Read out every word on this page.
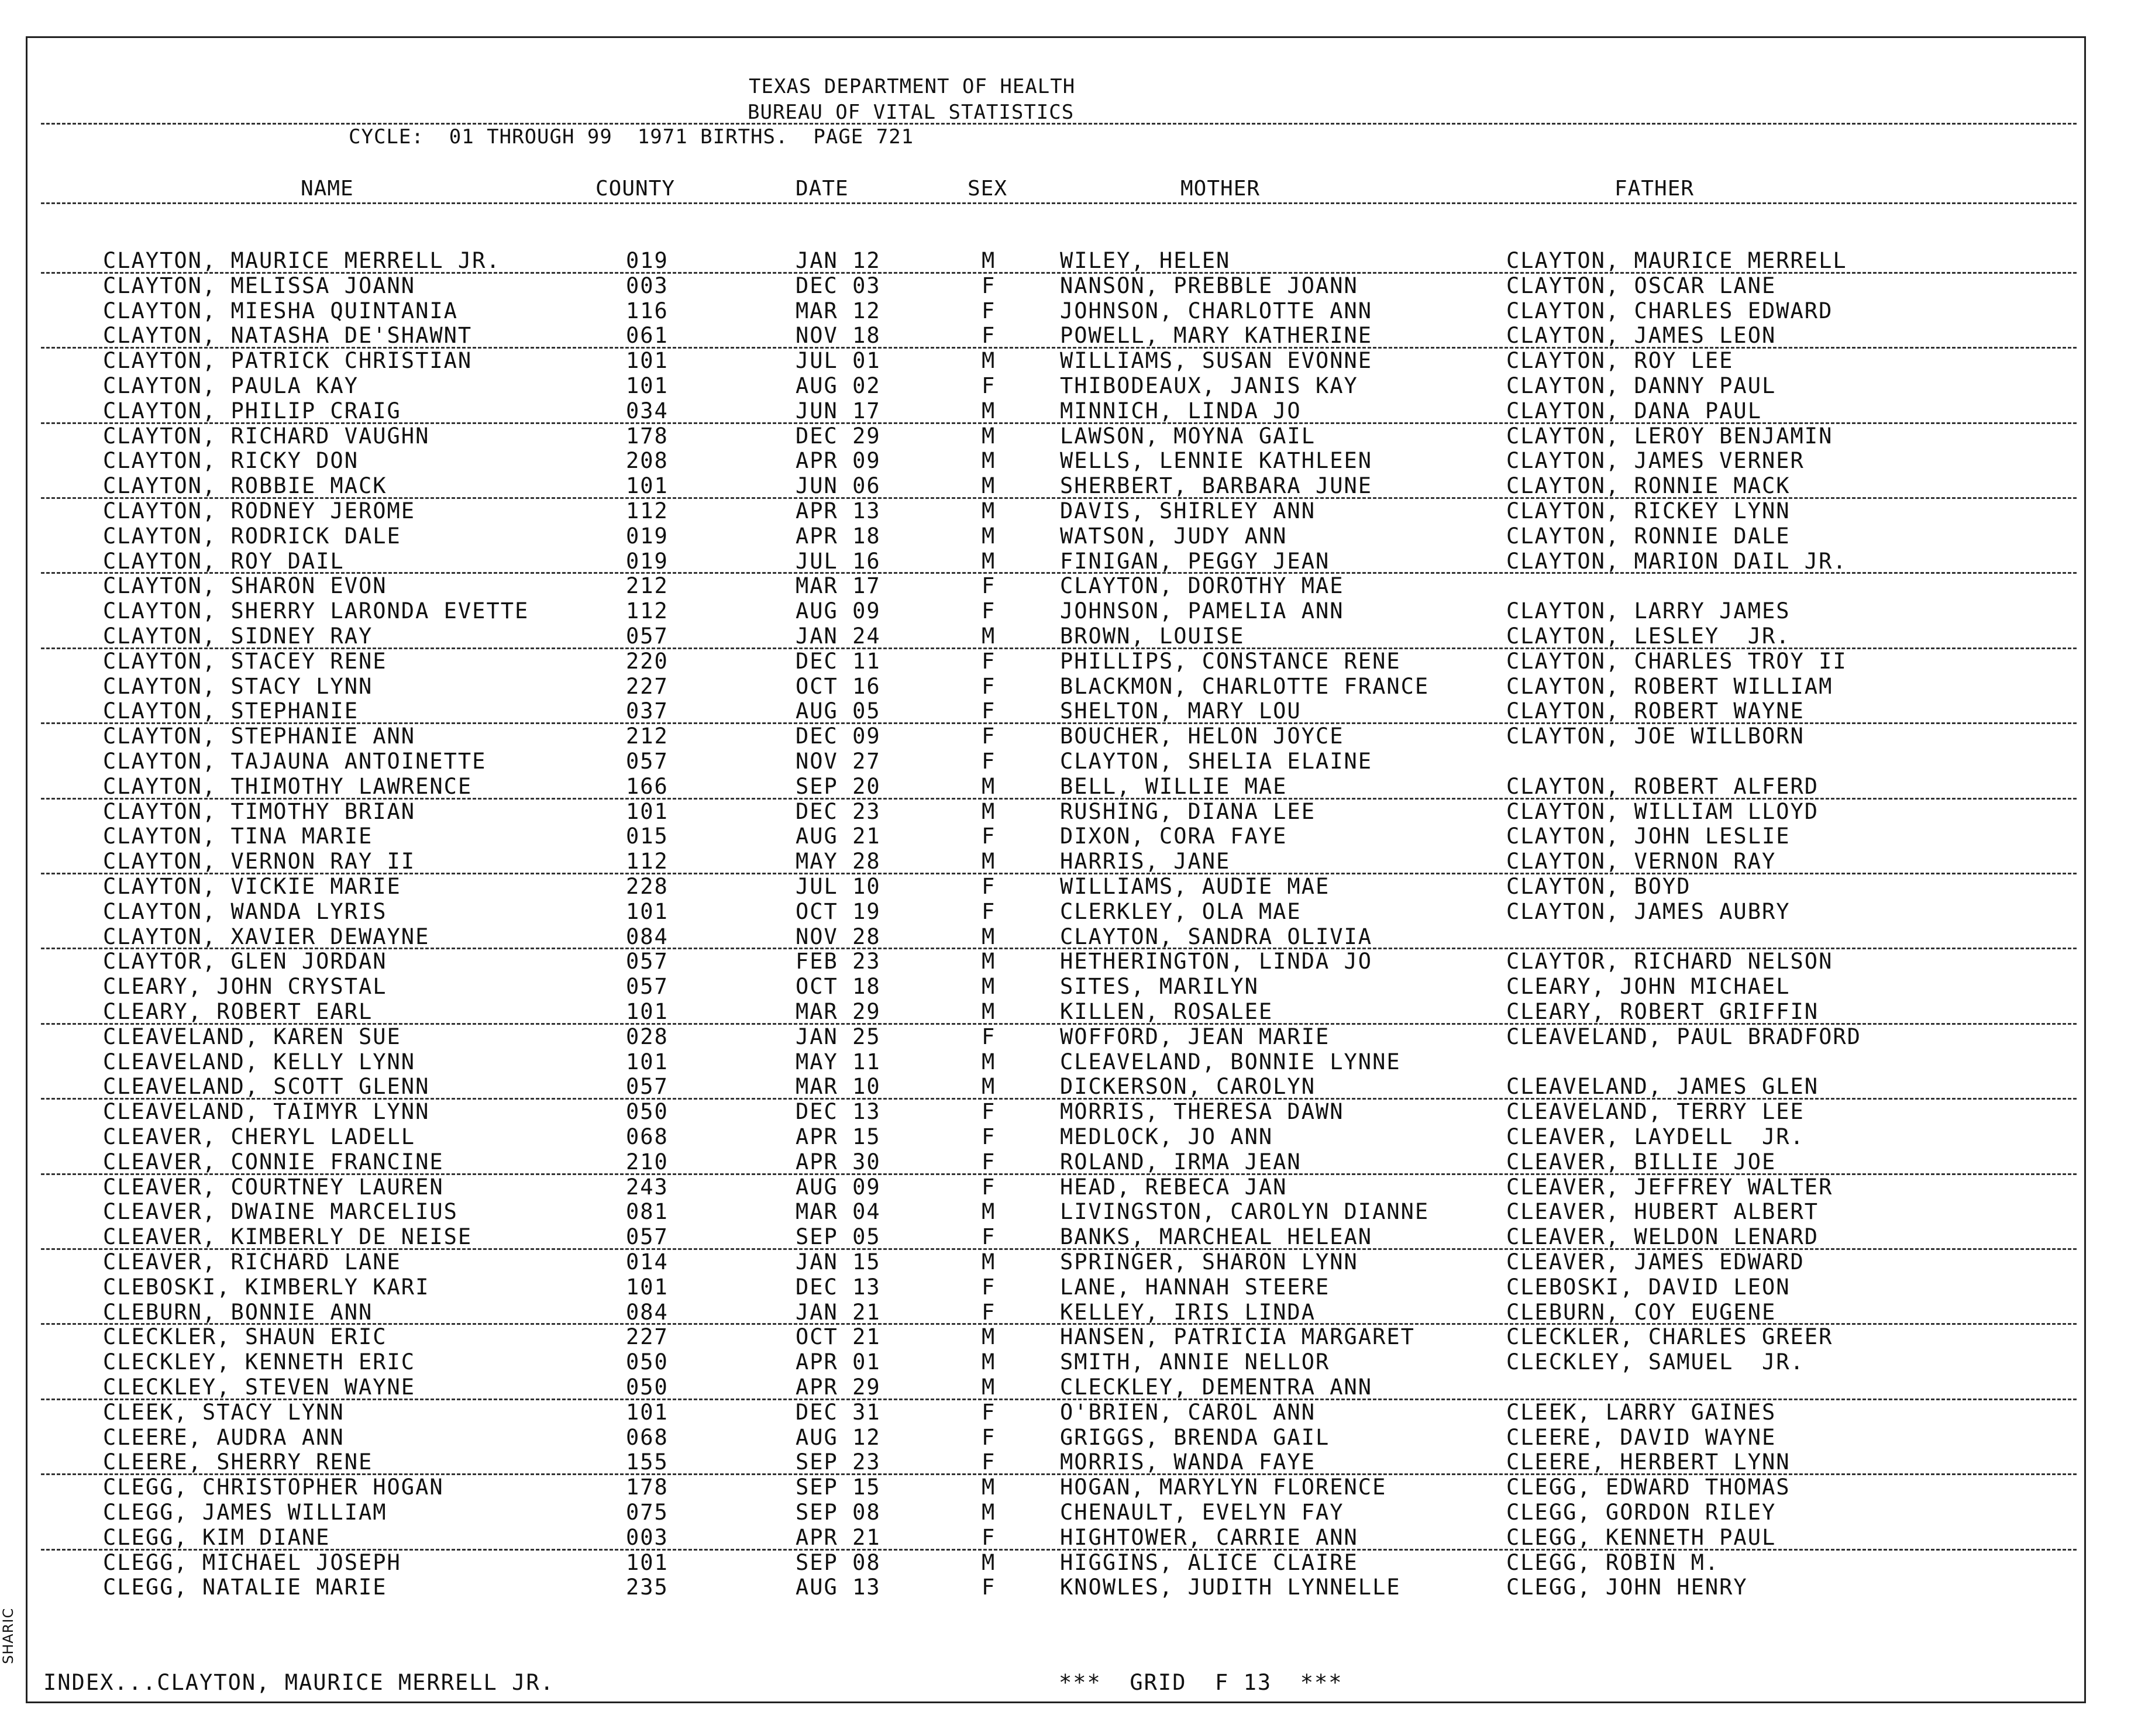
TEXAS DEPARTMENT OF HEALTH
BUREAU OF VITAL STATISTICS
CYCLE:  01 THROUGH 99  1971 BIRTHS.  PAGE 721
NAME	COUNTY	DATE	SEX	MOTHER	FATHER
CLAYTON, MAURICE MERRELL JR.	019	JAN 12	M	WILEY, HELEN	CLAYTON, MAURICE MERRELL
CLAYTON, MELISSA JOANN	003	DEC 03	F	NANSON, PREBBLE JOANN	CLAYTON, OSCAR LANE
CLAYTON, MIESHA QUINTANIA	116	MAR 12	F	JOHNSON, CHARLOTTE ANN	CLAYTON, CHARLES EDWARD
CLAYTON, NATASHA DE'SHAWNT	061	NOV 18	F	POWELL, MARY KATHERINE	CLAYTON, JAMES LEON
CLAYTON, PATRICK CHRISTIAN	101	JUL 01	M	WILLIAMS, SUSAN EVONNE	CLAYTON, ROY LEE
CLAYTON, PAULA KAY	101	AUG 02	F	THIBODEAUX, JANIS KAY	CLAYTON, DANNY PAUL
CLAYTON, PHILIP CRAIG	034	JUN 17	M	MINNICH, LINDA JO	CLAYTON, DANA PAUL
CLAYTON, RICHARD VAUGHN	178	DEC 29	M	LAWSON, MOYNA GAIL	CLAYTON, LEROY BENJAMIN
CLAYTON, RICKY DON	208	APR 09	M	WELLS, LENNIE KATHLEEN	CLAYTON, JAMES VERNER
CLAYTON, ROBBIE MACK	101	JUN 06	M	SHERBERT, BARBARA JUNE	CLAYTON, RONNIE MACK
CLAYTON, RODNEY JEROME	112	APR 13	M	DAVIS, SHIRLEY ANN	CLAYTON, RICKEY LYNN
CLAYTON, RODRICK DALE	019	APR 18	M	WATSON, JUDY ANN	CLAYTON, RONNIE DALE
CLAYTON, ROY DAIL	019	JUL 16	M	FINIGAN, PEGGY JEAN	CLAYTON, MARION DAIL JR.
CLAYTON, SHARON EVON	212	MAR 17	F	CLAYTON, DOROTHY MAE
CLAYTON, SHERRY LARONDA EVETTE	112	AUG 09	F	JOHNSON, PAMELIA ANN	CLAYTON, LARRY JAMES
CLAYTON, SIDNEY RAY	057	JAN 24	M	BROWN, LOUISE	CLAYTON, LESLEY  JR.
CLAYTON, STACEY RENE	220	DEC 11	F	PHILLIPS, CONSTANCE RENE	CLAYTON, CHARLES TROY II
CLAYTON, STACY LYNN	227	OCT 16	F	BLACKMON, CHARLOTTE FRANCE	CLAYTON, ROBERT WILLIAM
CLAYTON, STEPHANIE	037	AUG 05	F	SHELTON, MARY LOU	CLAYTON, ROBERT WAYNE
CLAYTON, STEPHANIE ANN	212	DEC 09	F	BOUCHER, HELON JOYCE	CLAYTON, JOE WILLBORN
CLAYTON, TAJAUNA ANTOINETTE	057	NOV 27	F	CLAYTON, SHELIA ELAINE
CLAYTON, THIMOTHY LAWRENCE	166	SEP 20	M	BELL, WILLIE MAE	CLAYTON, ROBERT ALFERD
CLAYTON, TIMOTHY BRIAN	101	DEC 23	M	RUSHING, DIANA LEE	CLAYTON, WILLIAM LLOYD
CLAYTON, TINA MARIE	015	AUG 21	F	DIXON, CORA FAYE	CLAYTON, JOHN LESLIE
CLAYTON, VERNON RAY II	112	MAY 28	M	HARRIS, JANE	CLAYTON, VERNON RAY
CLAYTON, VICKIE MARIE	228	JUL 10	F	WILLIAMS, AUDIE MAE	CLAYTON, BOYD
CLAYTON, WANDA LYRIS	101	OCT 19	F	CLERKLEY, OLA MAE	CLAYTON, JAMES AUBRY
CLAYTON, XAVIER DEWAYNE	084	NOV 28	M	CLAYTON, SANDRA OLIVIA
CLAYTOR, GLEN JORDAN	057	FEB 23	M	HETHERINGTON, LINDA JO	CLAYTOR, RICHARD NELSON
CLEARY, JOHN CRYSTAL	057	OCT 18	M	SITES, MARILYN	CLEARY, JOHN MICHAEL
CLEARY, ROBERT EARL	101	MAR 29	M	KILLEN, ROSALEE	CLEARY, ROBERT GRIFFIN
CLEAVELAND, KAREN SUE	028	JAN 25	F	WOFFORD, JEAN MARIE	CLEAVELAND, PAUL BRADFORD
CLEAVELAND, KELLY LYNN	101	MAY 11	M	CLEAVELAND, BONNIE LYNNE
CLEAVELAND, SCOTT GLENN	057	MAR 10	M	DICKERSON, CAROLYN	CLEAVELAND, JAMES GLEN
CLEAVELAND, TAIMYR LYNN	050	DEC 13	F	MORRIS, THERESA DAWN	CLEAVELAND, TERRY LEE
CLEAVER, CHERYL LADELL	068	APR 15	F	MEDLOCK, JO ANN	CLEAVER, LAYDELL  JR.
CLEAVER, CONNIE FRANCINE	210	APR 30	F	ROLAND, IRMA JEAN	CLEAVER, BILLIE JOE
CLEAVER, COURTNEY LAUREN	243	AUG 09	F	HEAD, REBECA JAN	CLEAVER, JEFFREY WALTER
CLEAVER, DWAINE MARCELIUS	081	MAR 04	M	LIVINGSTON, CAROLYN DIANNE	CLEAVER, HUBERT ALBERT
CLEAVER, KIMBERLY DE NEISE	057	SEP 05	F	BANKS, MARCHEAL HELEAN	CLEAVER, WELDON LENARD
CLEAVER, RICHARD LANE	014	JAN 15	M	SPRINGER, SHARON LYNN	CLEAVER, JAMES EDWARD
CLEBOSKI, KIMBERLY KARI	101	DEC 13	F	LANE, HANNAH STEERE	CLEBOSKI, DAVID LEON
CLEBURN, BONNIE ANN	084	JAN 21	F	KELLEY, IRIS LINDA	CLEBURN, COY EUGENE
CLECKLER, SHAUN ERIC	227	OCT 21	M	HANSEN, PATRICIA MARGARET	CLECKLER, CHARLES GREER
CLECKLEY, KENNETH ERIC	050	APR 01	M	SMITH, ANNIE NELLOR	CLECKLEY, SAMUEL  JR.
CLECKLEY, STEVEN WAYNE	050	APR 29	M	CLECKLEY, DEMENTRA ANN
CLEEK, STACY LYNN	101	DEC 31	F	O'BRIEN, CAROL ANN	CLEEK, LARRY GAINES
CLEERE, AUDRA ANN	068	AUG 12	F	GRIGGS, BRENDA GAIL	CLEERE, DAVID WAYNE
CLEERE, SHERRY RENE	155	SEP 23	F	MORRIS, WANDA FAYE	CLEERE, HERBERT LYNN
CLEGG, CHRISTOPHER HOGAN	178	SEP 15	M	HOGAN, MARYLYN FLORENCE	CLEGG, EDWARD THOMAS
CLEGG, JAMES WILLIAM	075	SEP 08	M	CHENAULT, EVELYN FAY	CLEGG, GORDON RILEY
CLEGG, KIM DIANE	003	APR 21	F	HIGHTOWER, CARRIE ANN	CLEGG, KENNETH PAUL
CLEGG, MICHAEL JOSEPH	101	SEP 08	M	HIGGINS, ALICE CLAIRE	CLEGG, ROBIN M.
CLEGG, NATALIE MARIE	235	AUG 13	F	KNOWLES, JUDITH LYNNELLE	CLEGG, JOHN HENRY
INDEX...CLAYTON, MAURICE MERRELL JR.	***  GRID  F 13  ***
SHARIC
